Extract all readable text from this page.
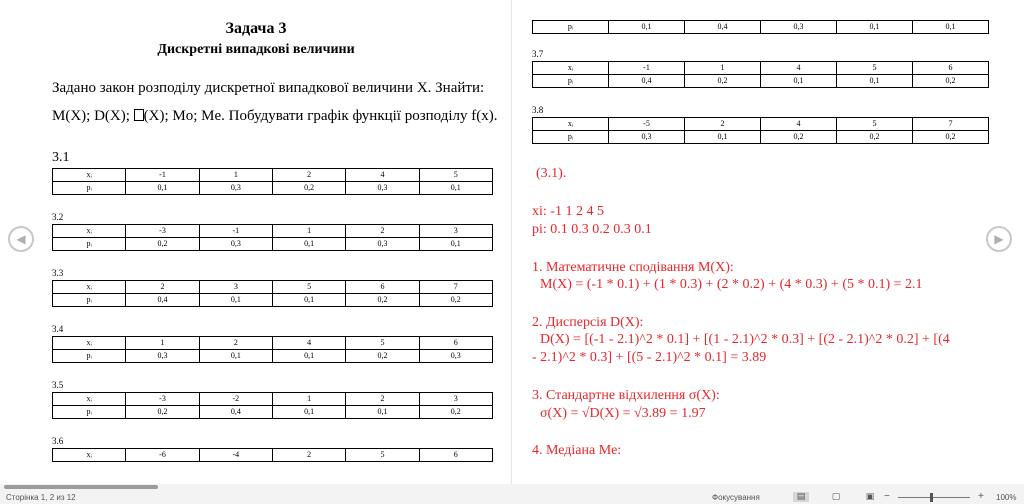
Задача 3
Дискретні випадкові величини
Задано закон розподілу дискретної випадкової величини X. Знайти:
M(X); D(X); (X); Mo; Me. Побудувати графік функції розподілу f(x).
3.1
xᵢ	-1	1	2	4	5
pᵢ	0,1	0,3	0,2	0,3	0,1
3.2
xᵢ	-3	-1	1	2	3
pᵢ	0,2	0,3	0,1	0,3	0,1
3.3
xᵢ	2	3	5	6	7
pᵢ	0,4	0,1	0,1	0,2	0,2
3.4
xᵢ	1	2	4	5	6
pᵢ	0,3	0,1	0,1	0,2	0,3
3.5
xᵢ	-3	-2	1	2	3
pᵢ	0,2	0,4	0,1	0,1	0,2
3.6
xᵢ	-6	-4	2	5	6
pᵢ	0,1	0,4	0,3	0,1	0,1
3.7
xᵢ	-1	1	4	5	6
pᵢ	0,4	0,2	0,1	0,1	0,2
3.8
xᵢ	-5	2	4	5	7
pᵢ	0,3	0,1	0,2	0,2	0,2
(3.1).
xi: -1 1 2 4 5
pi: 0.1 0.3 0.2 0.3 0.1
1. Математичне сподівання M(X):
M(X) = (-1 * 0.1) + (1 * 0.3) + (2 * 0.2) + (4 * 0.3) + (5 * 0.1) = 2.1
2. Дисперсія D(X):
D(X) = [(-1 - 2.1)^2 * 0.1] + [(1 - 2.1)^2 * 0.3] + [(2 - 2.1)^2 * 0.2] + [(4
- 2.1)^2 * 0.3] + [(5 - 2.1)^2 * 0.1] = 3.89
3. Стандартне відхилення σ(X):
σ(X) = √D(X) = √3.89 = 1.97
4. Медіана Me:
◀	▶
Сторінка 1, 2 из 12	Фокусування	▤	▢	▣ −	+ 100%
